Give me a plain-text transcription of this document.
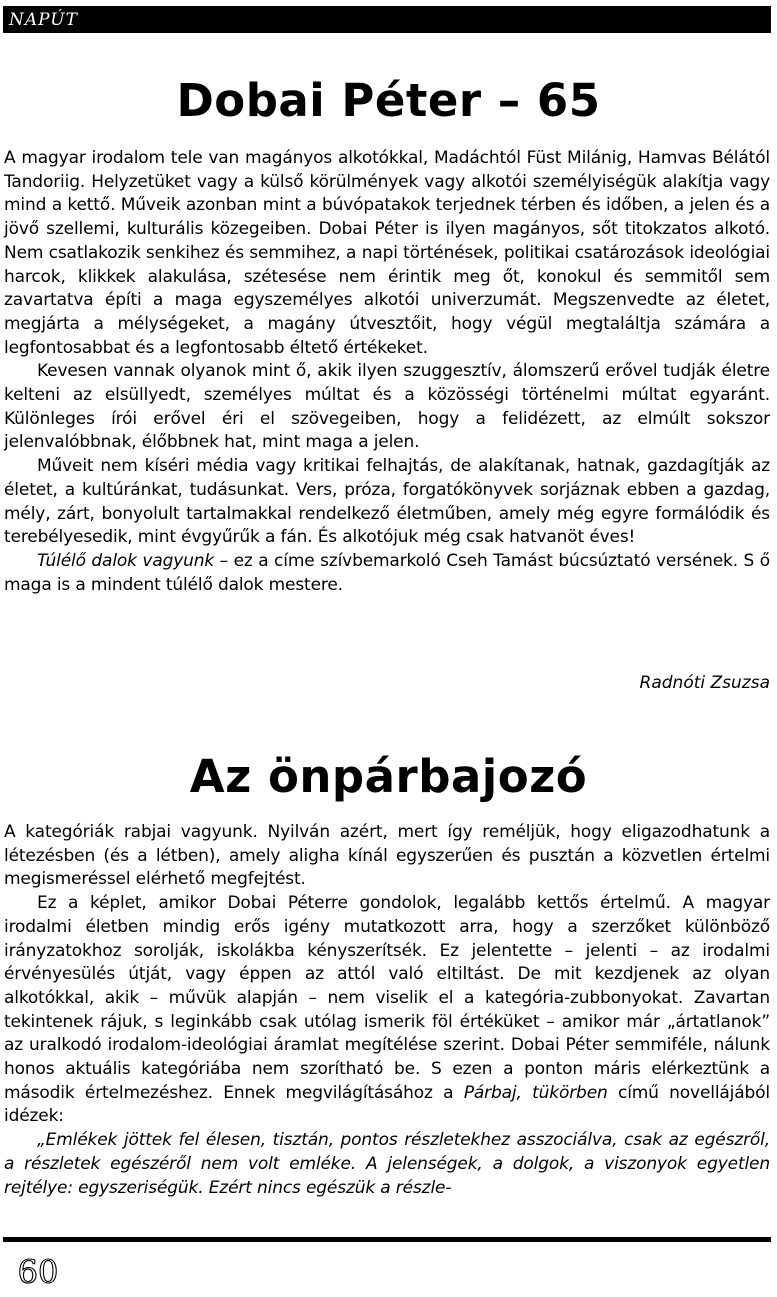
NAPÚT
Dobai Péter – 65

A magyar irodalom tele van magányos alkotókkal, Madáchtól Füst Milánig, Hamvas Bélától Tandoriig. Helyzetüket vagy a külső körülmények vagy alkotói személyiségük alakítja vagy mind a kettő. Műveik azonban mint a búvópatakok terjednek térben és időben, a jelen és a jövő szellemi, kulturális közegeiben. Dobai Péter is ilyen magányos, sőt titokzatos alkotó. Nem csatlakozik senkihez és semmihez, a napi történések, politikai csatározások ideológiai harcok, klikkek alakulása, szétesése nem érintik meg őt, konokul és semmitől sem zavartatva építi a maga egyszemélyes alkotói univerzumát. Megszenvedte az életet, megjárta a mélységeket, a magány útvesztőit, hogy végül megtaláltja számára a legfontosabbat és a legfontosabb éltető értékeket.

Kevesen vannak olyanok mint ő, akik ilyen szuggesztív, álomszerű erővel tudják életre kelteni az elsüllyedt, személyes múltat és a közösségi történelmi múltat egyaránt. Különleges írói erővel éri el szövegeiben, hogy a felidézett, az elmúlt sokszor jelenvalóbbnak, élőbbnek hat, mint maga a jelen.

Műveit nem kíséri média vagy kritikai felhajtás, de alakítanak, hatnak, gazdagítják az életet, a kultúránkat, tudásunkat. Vers, próza, forgatókönyvek sorjáznak ebben a gazdag, mély, zárt, bonyolult tartalmakkal rendelkező életműben, amely még egyre formálódik és terebélyesedik, mint évgyűrűk a fán. És alkotójuk még csak hatvanöt éves!

Túlélő dalok vagyunk – ez a címe szívbemarkoló Cseh Tamást búcsúztató versének. S ő maga is a mindent túlélő dalok mestere.

Radnóti Zsuzsa
Az önpárbajozó

A kategóriák rabjai vagyunk. Nyilván azért, mert így reméljük, hogy eligazodhatunk a létezésben (és a létben), amely aligha kínál egyszerűen és pusztán a közvetlen értelmi megismeréssel elérhető megfejtést.

Ez a képlet, amikor Dobai Péterre gondolok, legalább kettős értelmű. A magyar irodalmi életben mindig erős igény mutatkozott arra, hogy a szerzőket különböző irányzatokhoz sorolják, iskolákba kényszerítsék. Ez jelentette – jelenti – az irodalmi érvényesülés útját, vagy éppen az attól való eltiltást. De mit kezdjenek az olyan alkotókkal, akik – művük alapján – nem viselik el a kategória-zubbonyokat. Zavartan tekintenek rájuk, s leginkább csak utólag ismerik föl értéküket – amikor már „ártatlanok” az uralkodó irodalom-ideológiai áramlat megítélése szerint. Dobai Péter semmiféle, nálunk honos aktuális kategóriába nem szorítható be. S ezen a ponton máris elérkeztünk a második értelmezéshez. Ennek megvilágításához a Párbaj, tükörben című novellájából idézek:

„Emlékek jöttek fel élesen, tisztán, pontos részletekhez asszociálva, csak az egészről, a részletek egészéről nem volt emléke. A jelenségek, a dolgok, a viszonyok egyetlen rejtélye: egyszeriségük. Ezért nincs egészük a részle-

60
